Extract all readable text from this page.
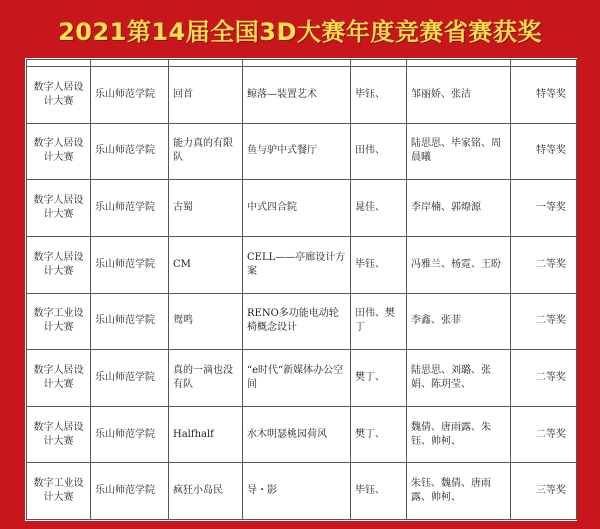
2021第14届全国3D大赛年度竞赛省赛获奖

数字人居设计大赛	乐山师范学院	回首	鲸落—装置艺术	毕钰、	邹丽娇、张洁	特等奖
数字人居设计大赛	乐山师范学院	能力真的有限队	鱼与驴中式餐厅	田伟、	陆思思、毕家铭、周晨曦	特等奖
数字人居设计大赛	乐山师范学院	古蜀	中式四合院	晁佳、	李岸楠、郭燎源	一等奖
数字人居设计大赛	乐山师范学院	CM	CELL——亭廊设计方案	毕钰、	冯雅兰、杨霓、王盼	二等奖
数字工业设计大赛	乐山师范学院	鸳鸣	RENO多功能电动轮椅概念设计	田伟、樊丁	李鑫、张菲	二等奖
数字人居设计大赛	乐山师范学院	真的一滴也没有队	“e时代“新媒体办公空间	樊丁、	陆思思、刘璐、张娟、陈玥莹、	二等奖
数字人居设计大赛	乐山师范学院	Halfhalf	水木明瑟桃园荷风	樊丁、	魏倩、唐雨露、朱钰、帅柯、	二等奖
数字工业设计大赛	乐山师范学院	疯狂小岛民	导・影	毕钰、	朱钰、魏倩、唐雨露、帅柯、	三等奖
